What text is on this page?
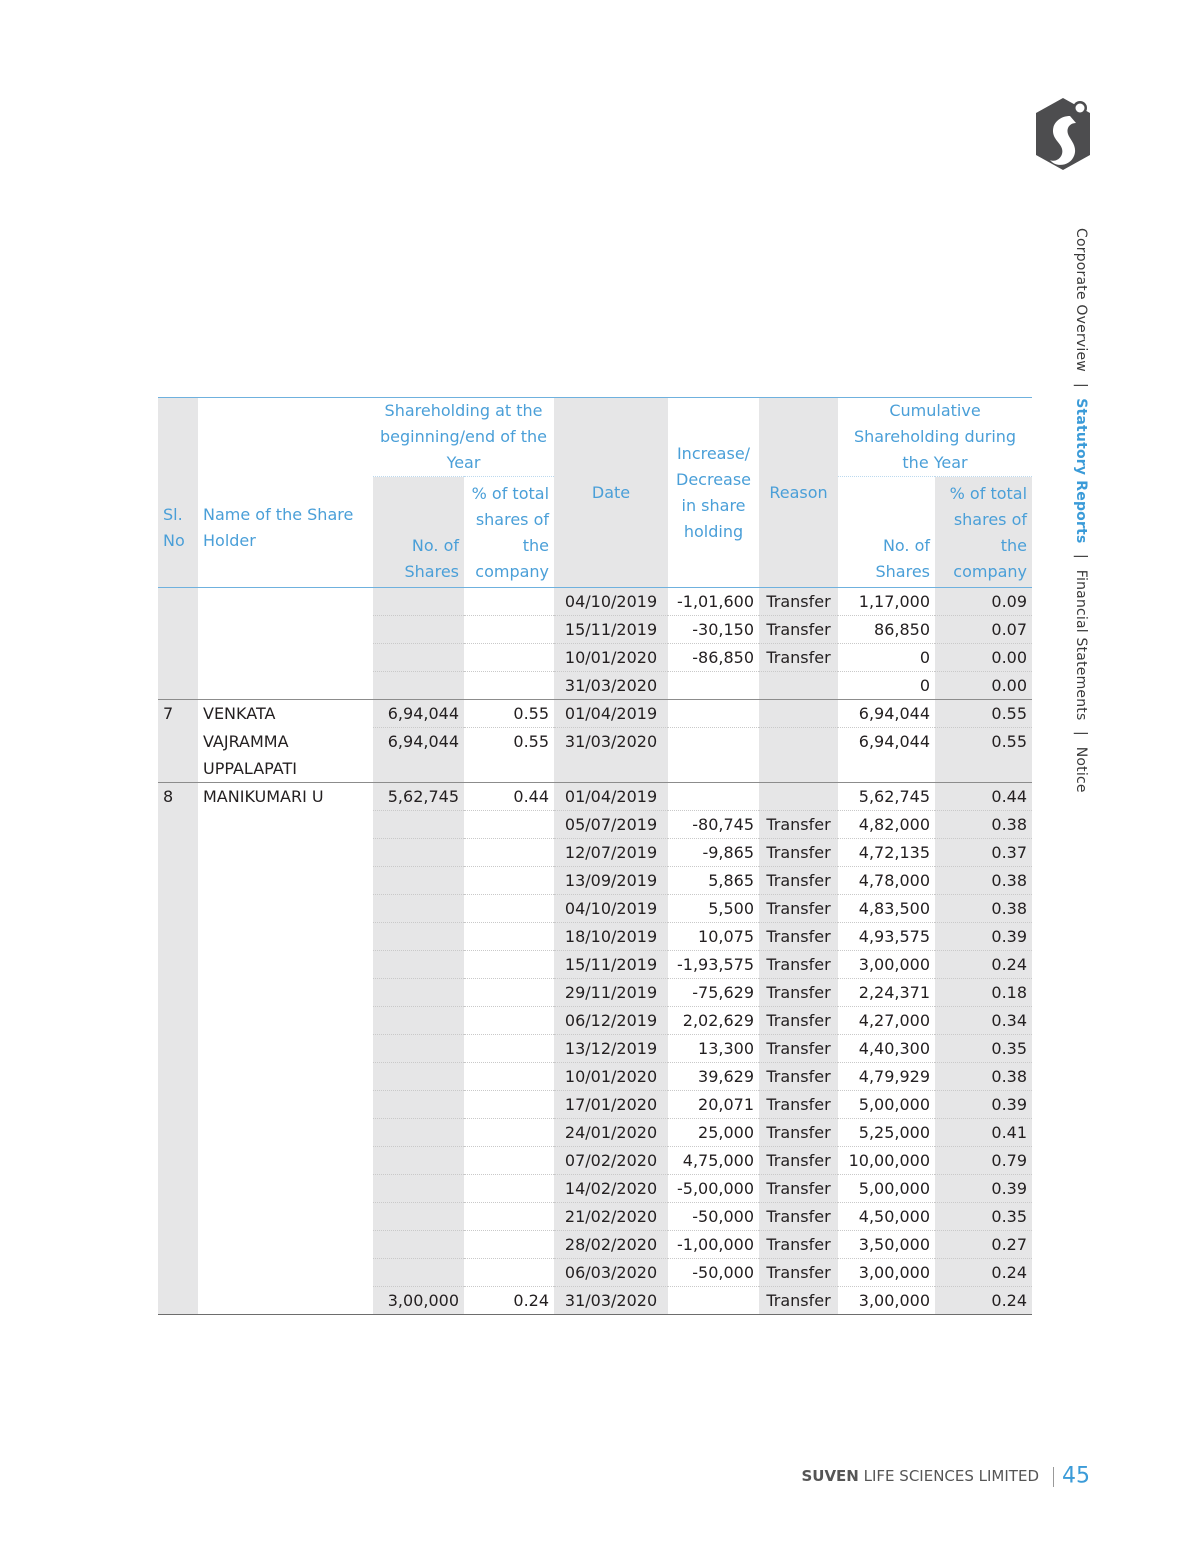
Corporate Overview | Statutory Reports | Financial Statements | Notice
Sl. No	Name of the Share Holder	Shareholding at the beginning/end of the Year		Date	Increase/ Decrease in share holding	Reason	Cumulative Shareholding during the Year	
		No. of Shares	% of total shares of the company				No. of Shares	% of total shares of the company
				04/10/2019	-1,01,600	Transfer	1,17,000	0.09
				15/11/2019	-30,150	Transfer	86,850	0.07
				10/01/2020	-86,850	Transfer	0	0.00
				31/03/2020			0	0.00
7	VENKATA	6,94,044	0.55	01/04/2019			6,94,044	0.55
	VAJRAMMA UPPALAPATI	6,94,044	0.55	31/03/2020			6,94,044	0.55
8	MANIKUMARI U	5,62,745	0.44	01/04/2019			5,62,745	0.44
				05/07/2019	-80,745	Transfer	4,82,000	0.38
				12/07/2019	-9,865	Transfer	4,72,135	0.37
				13/09/2019	5,865	Transfer	4,78,000	0.38
				04/10/2019	5,500	Transfer	4,83,500	0.38
				18/10/2019	10,075	Transfer	4,93,575	0.39
				15/11/2019	-1,93,575	Transfer	3,00,000	0.24
				29/11/2019	-75,629	Transfer	2,24,371	0.18
				06/12/2019	2,02,629	Transfer	4,27,000	0.34
				13/12/2019	13,300	Transfer	4,40,300	0.35
				10/01/2020	39,629	Transfer	4,79,929	0.38
				17/01/2020	20,071	Transfer	5,00,000	0.39
				24/01/2020	25,000	Transfer	5,25,000	0.41
				07/02/2020	4,75,000	Transfer	10,00,000	0.79
				14/02/2020	-5,00,000	Transfer	5,00,000	0.39
				21/02/2020	-50,000	Transfer	4,50,000	0.35
				28/02/2020	-1,00,000	Transfer	3,50,000	0.27
				06/03/2020	-50,000	Transfer	3,00,000	0.24
		3,00,000	0.24	31/03/2020		Transfer	3,00,000	0.24
SUVEN LIFE SCIENCES LIMITED 45
